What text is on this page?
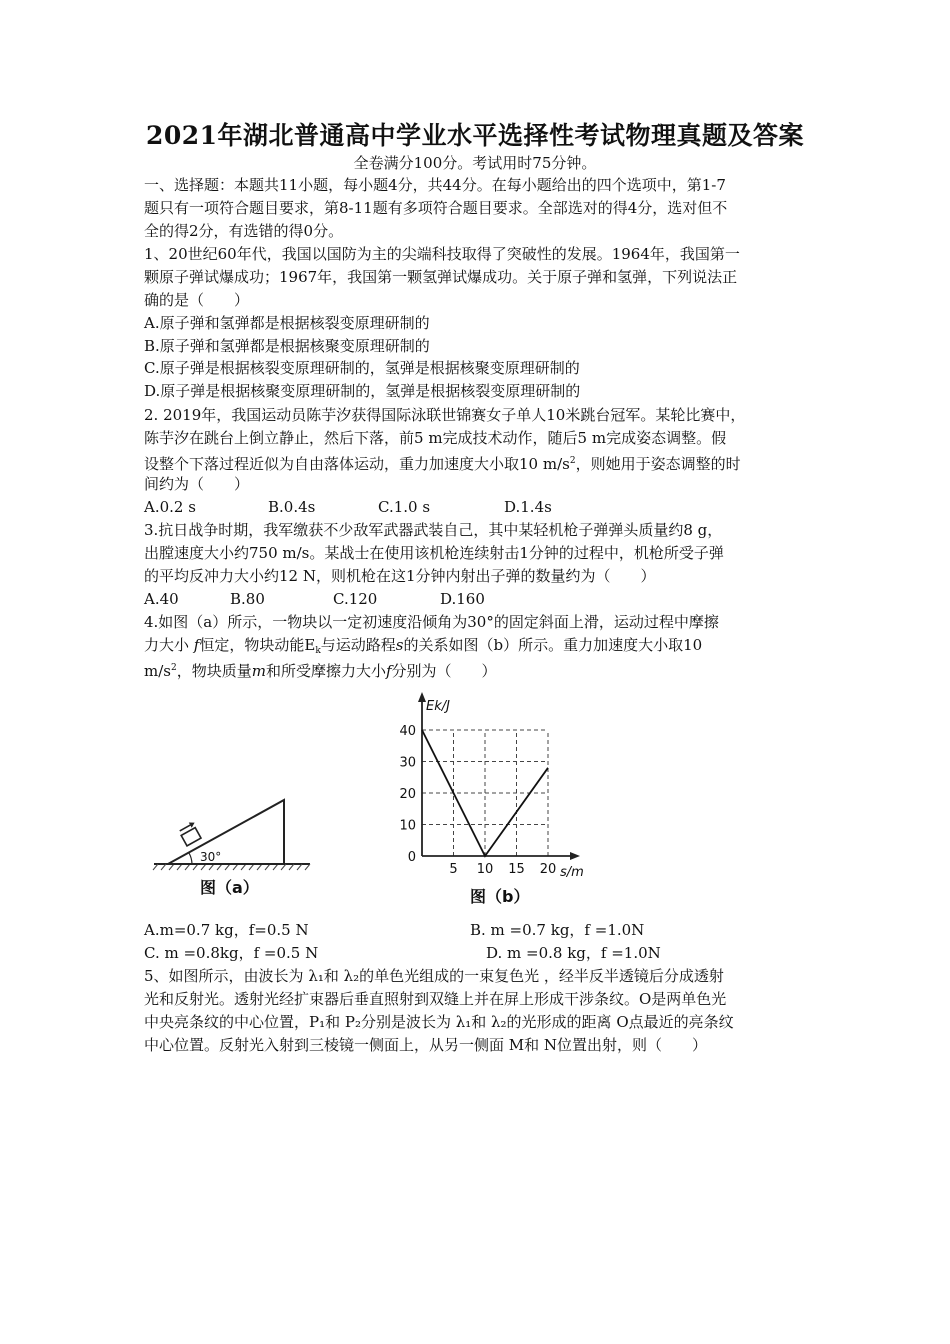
2021年湖北普通高中学业水平选择性考试物理真题及答案
全卷满分100分。考试用时75分钟。
一、选择题：本题共11小题，每小题4分，共44分。在每小题给出的四个选项中，第1-7
题只有一项符合题目要求，第8-11题有多项符合题目要求。全部选对的得4分，选对但不
全的得2分，有选错的得0分。
1、20世纪60年代，我国以国防为主的尖端科技取得了突破性的发展。1964年，我国第一
颗原子弹试爆成功；1967年，我国第一颗氢弹试爆成功。关于原子弹和氢弹，下列说法正
确的是（　　）
A.原子弹和氢弹都是根据核裂变原理研制的
B.原子弹和氢弹都是根据核聚变原理研制的
C.原子弹是根据核裂变原理研制的，氢弹是根据核聚变原理研制的
D.原子弹是根据核聚变原理研制的，氢弹是根据核裂变原理研制的
2. 2019年，我国运动员陈芋汐获得国际泳联世锦赛女子单人10米跳台冠军。某轮比赛中，
陈芋汐在跳台上倒立静止，然后下落，前5 m完成技术动作，随后5 m完成姿态调整。假
设整个下落过程近似为自由落体运动，重力加速度大小取10 $m/s^2$，则她用于姿态调整的时
间约为（　　）
A.0.2 s	B.0.4s	C.1.0 s	D.1.4s
3.抗日战争时期，我军缴获不少敌军武器武装自己，其中某轻机枪子弹弹头质量约8 g，
出膛速度大小约750 m/s。某战士在使用该机枪连续射击1分钟的过程中，机枪所受子弹
的平均反冲力大小约12 N，则机枪在这1分钟内射出子弹的数量约为（　　）
A.40	B.80	C.120	D.160
4.如图（a）所示，一物块以一定初速度沿倾角为30°的固定斜面上滑，运动过程中摩擦
力大小 f恒定，物块动能$E_k$与运动路程s的关系如图（b）所示。重力加速度大小取10
$m/s^2$，物块质量m和所受摩擦力大小f分别为（　　）
30°
图（a）
Ek/J
s/m
0
10
20
30
40
5 10 15 20
图（b）
A.m=0.7 kg，f=0.5 N	B. m =0.7 kg，f =1.0N
C. m =0.8kg，f =0.5 N	D. m =0.8 kg，f =1.0N
5、如图所示，由波长为 λ₁和 λ₂的单色光组成的一束复色光 ，经半反半透镜后分成透射
光和反射光。透射光经扩束器后垂直照射到双缝上并在屏上形成干涉条纹。O是两单色光
中央亮条纹的中心位置，P₁和 P₂分别是波长为 λ₁和 λ₂的光形成的距离 O点最近的亮条纹
中心位置。反射光入射到三棱镜一侧面上，从另一侧面 M和 N位置出射，则（　　）
